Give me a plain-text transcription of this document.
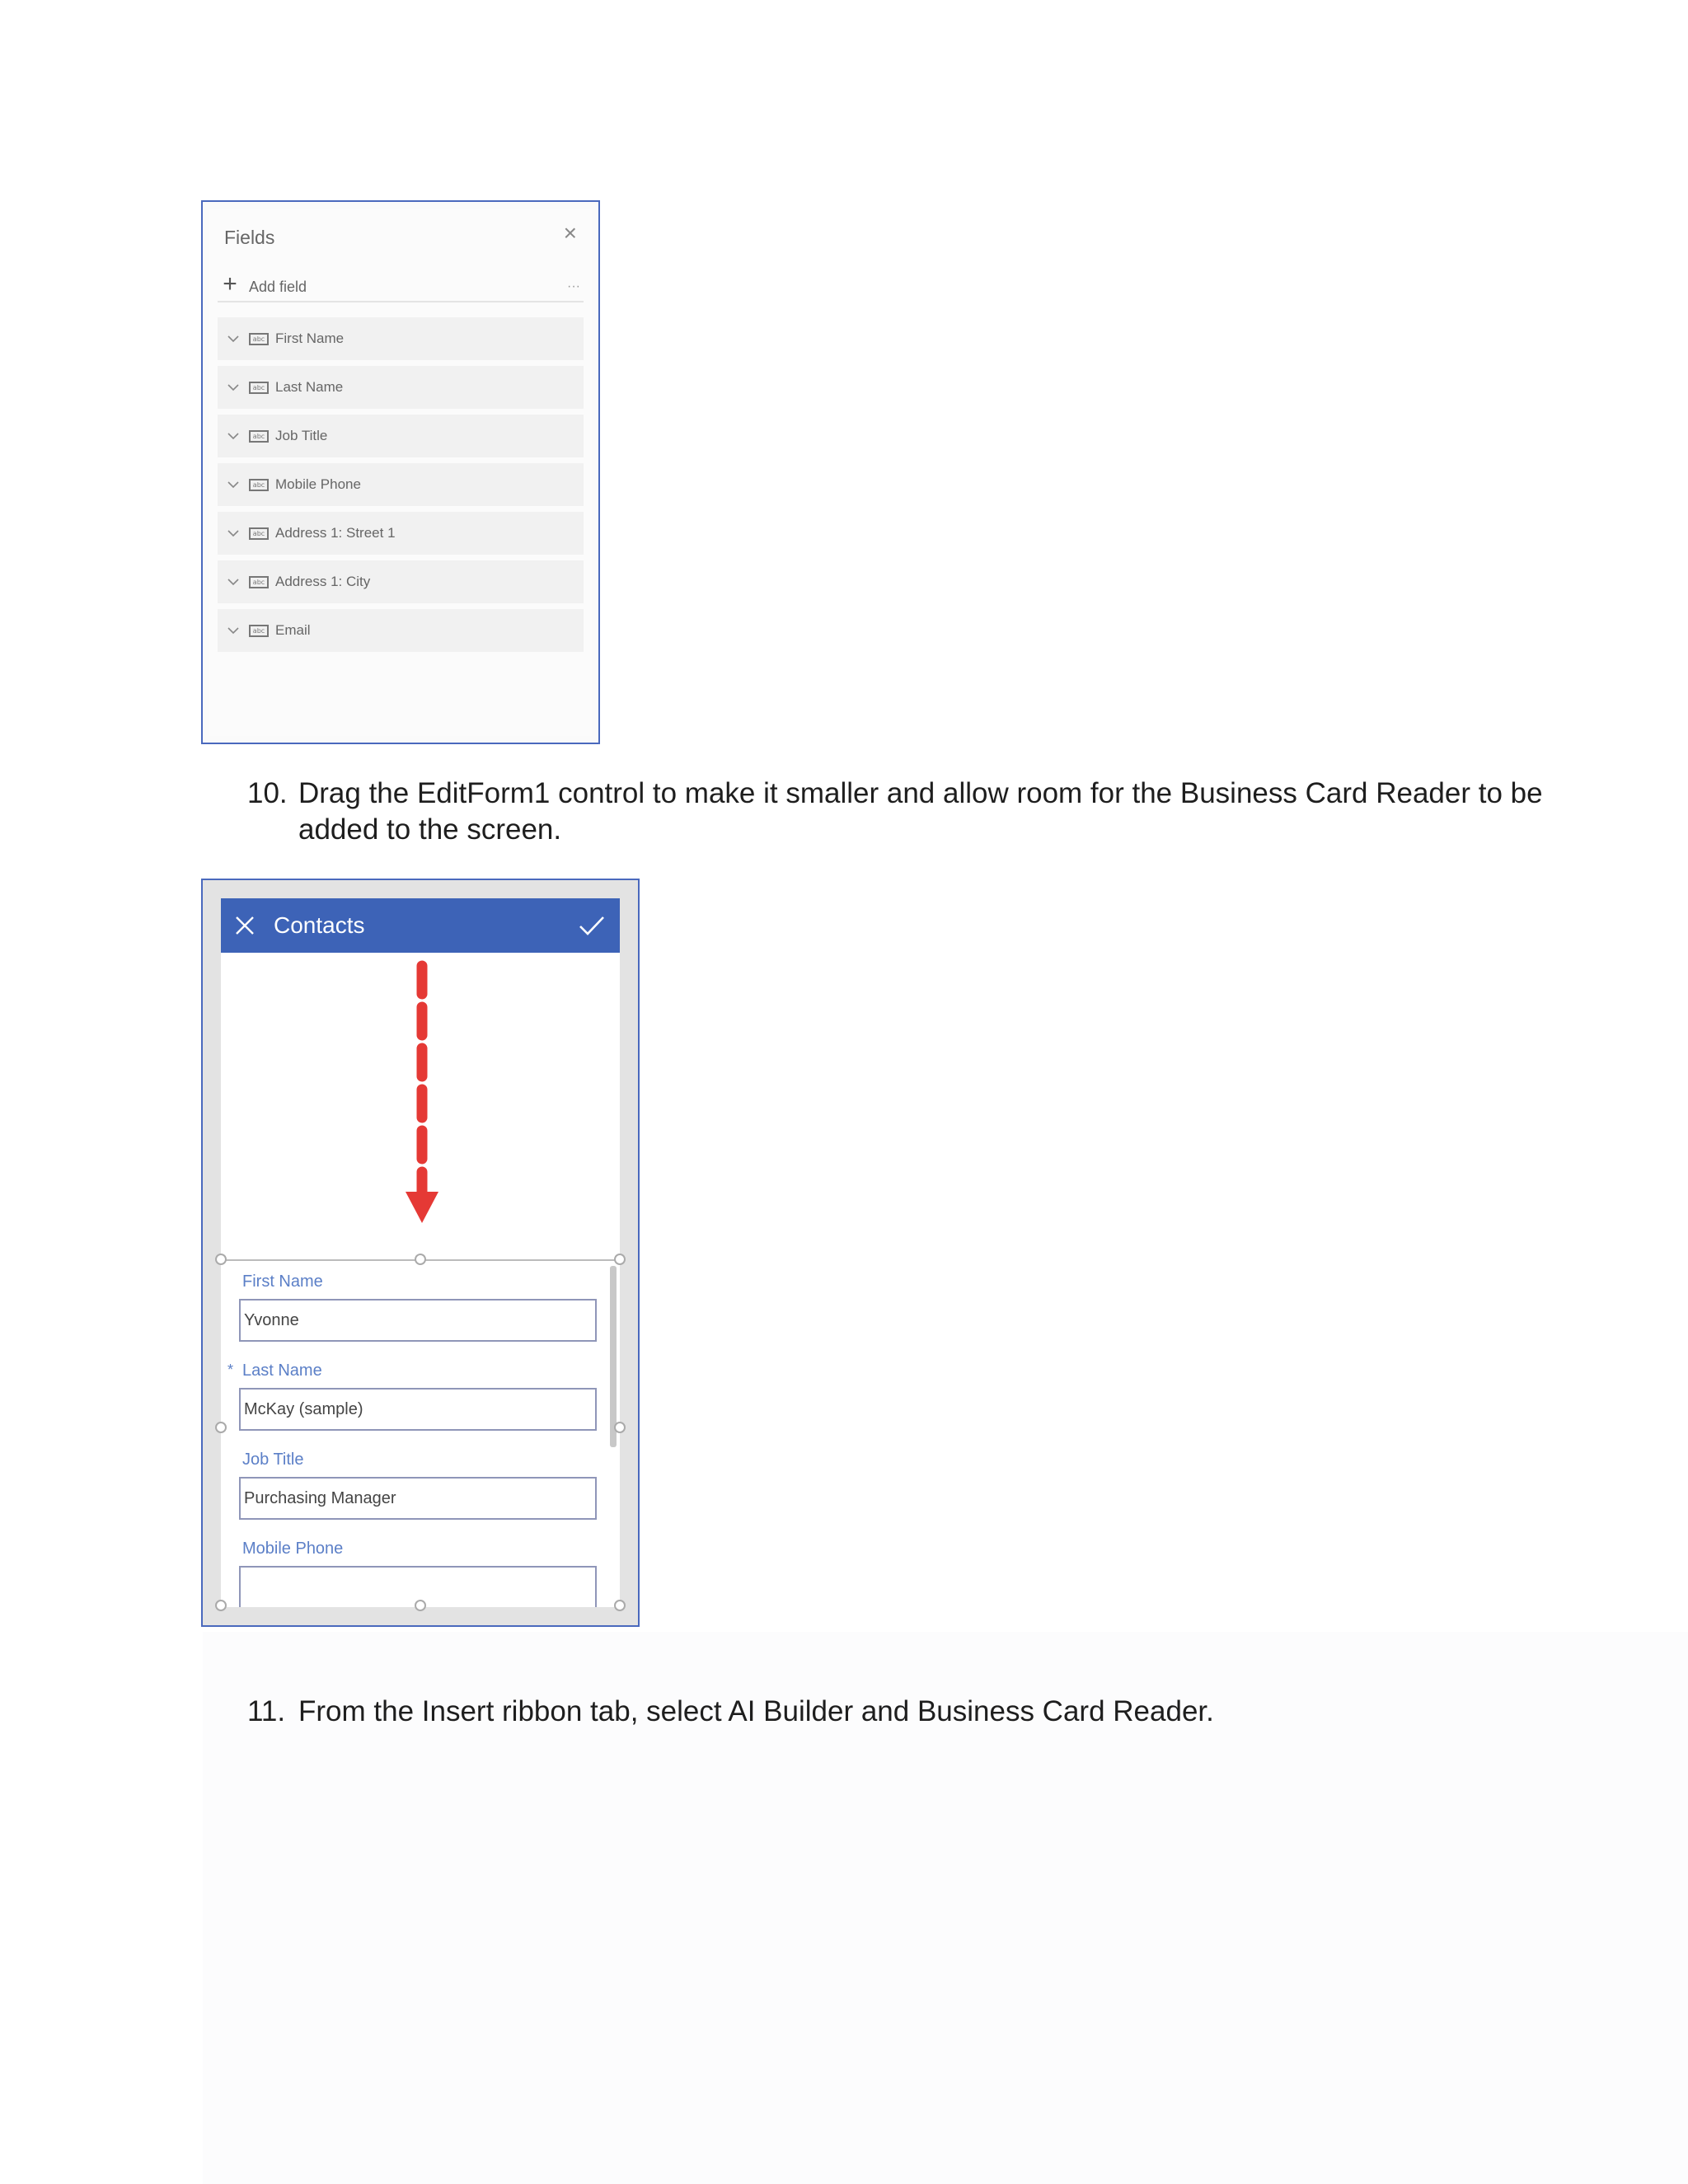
Fields	×
+ Add field	···
abc First Name
abc Last Name
abc Job Title
abc Mobile Phone
abc Address 1: Street 1
abc Address 1: City
abc Email
10. Drag the EditForm1 control to make it smaller and allow room for the Business Card Reader to be added to the screen.
Contacts
First Name
Yvonne
* Last Name
McKay (sample)
Job Title
Purchasing Manager
Mobile Phone
11. From the Insert ribbon tab, select AI Builder and Business Card Reader.
